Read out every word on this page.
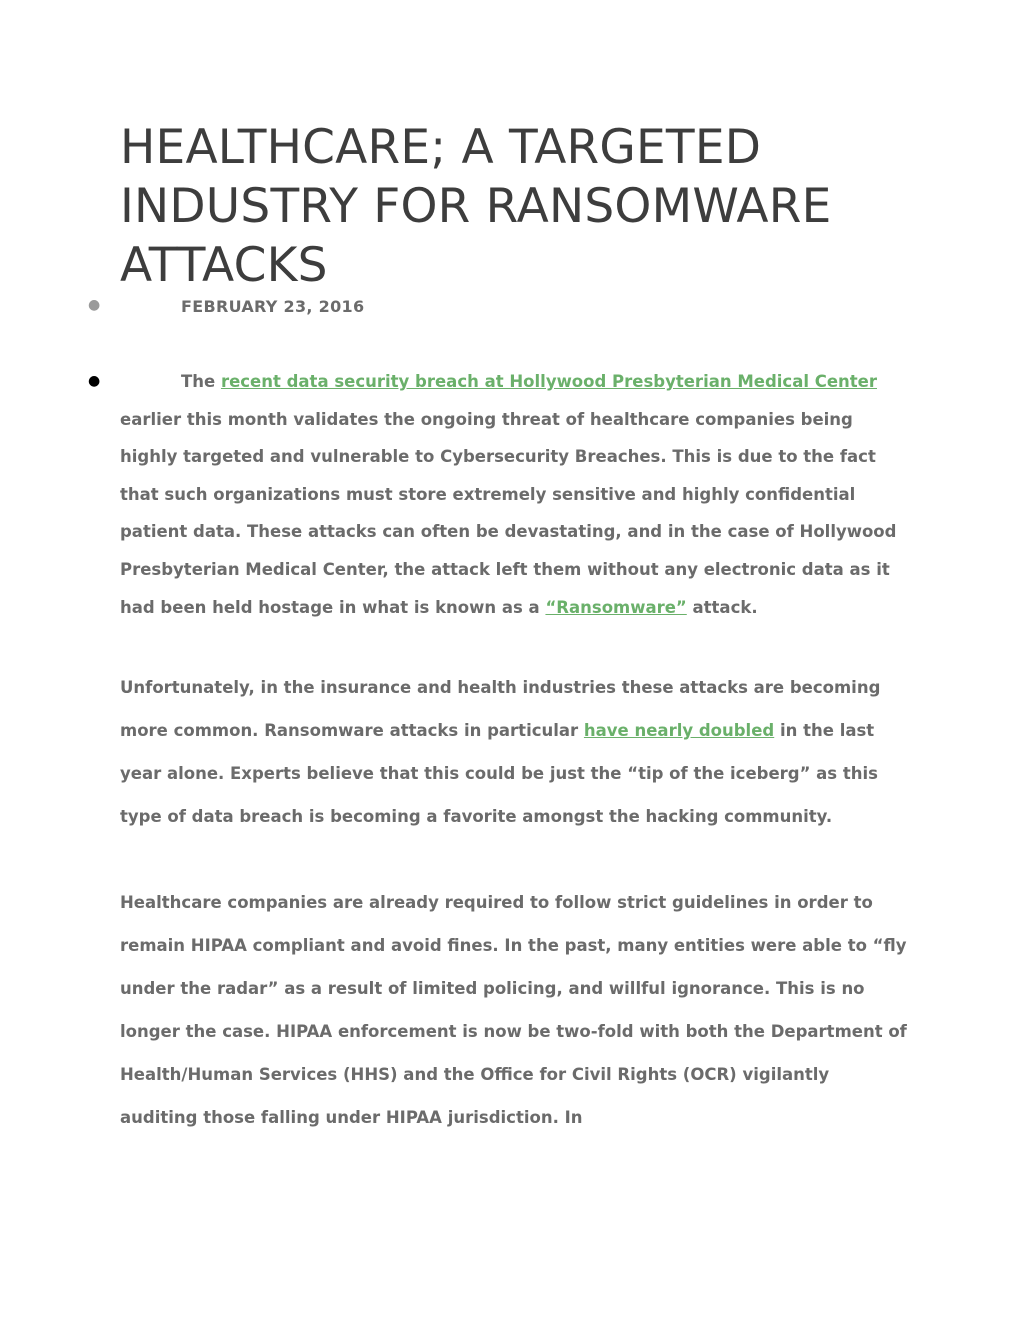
HEALTHCARE; A TARGETED INDUSTRY FOR RANSOMWARE ATTACKS
●	FEBRUARY 23, 2016
●	The recent data security breach at Hollywood Presbyterian Medical Center earlier this month validates the ongoing threat of healthcare companies being highly targeted and vulnerable to Cybersecurity Breaches. This is due to the fact that such organizations must store extremely sensitive and highly confidential patient data. These attacks can often be devastating, and in the case of Hollywood Presbyterian Medical Center, the attack left them without any electronic data as it had been held hostage in what is known as a “Ransomware” attack.

Unfortunately, in the insurance and health industries these attacks are becoming more common. Ransomware attacks in particular have nearly doubled in the last year alone. Experts believe that this could be just the “tip of the iceberg” as this type of data breach is becoming a favorite amongst the hacking community.

Healthcare companies are already required to follow strict guidelines in order to remain HIPAA compliant and avoid fines. In the past, many entities were able to “fly under the radar” as a result of limited policing, and willful ignorance. This is no longer the case. HIPAA enforcement is now be two-fold with both the Department of Health/Human Services (HHS) and the Office for Civil Rights (OCR) vigilantly auditing those falling under HIPAA jurisdiction. In
